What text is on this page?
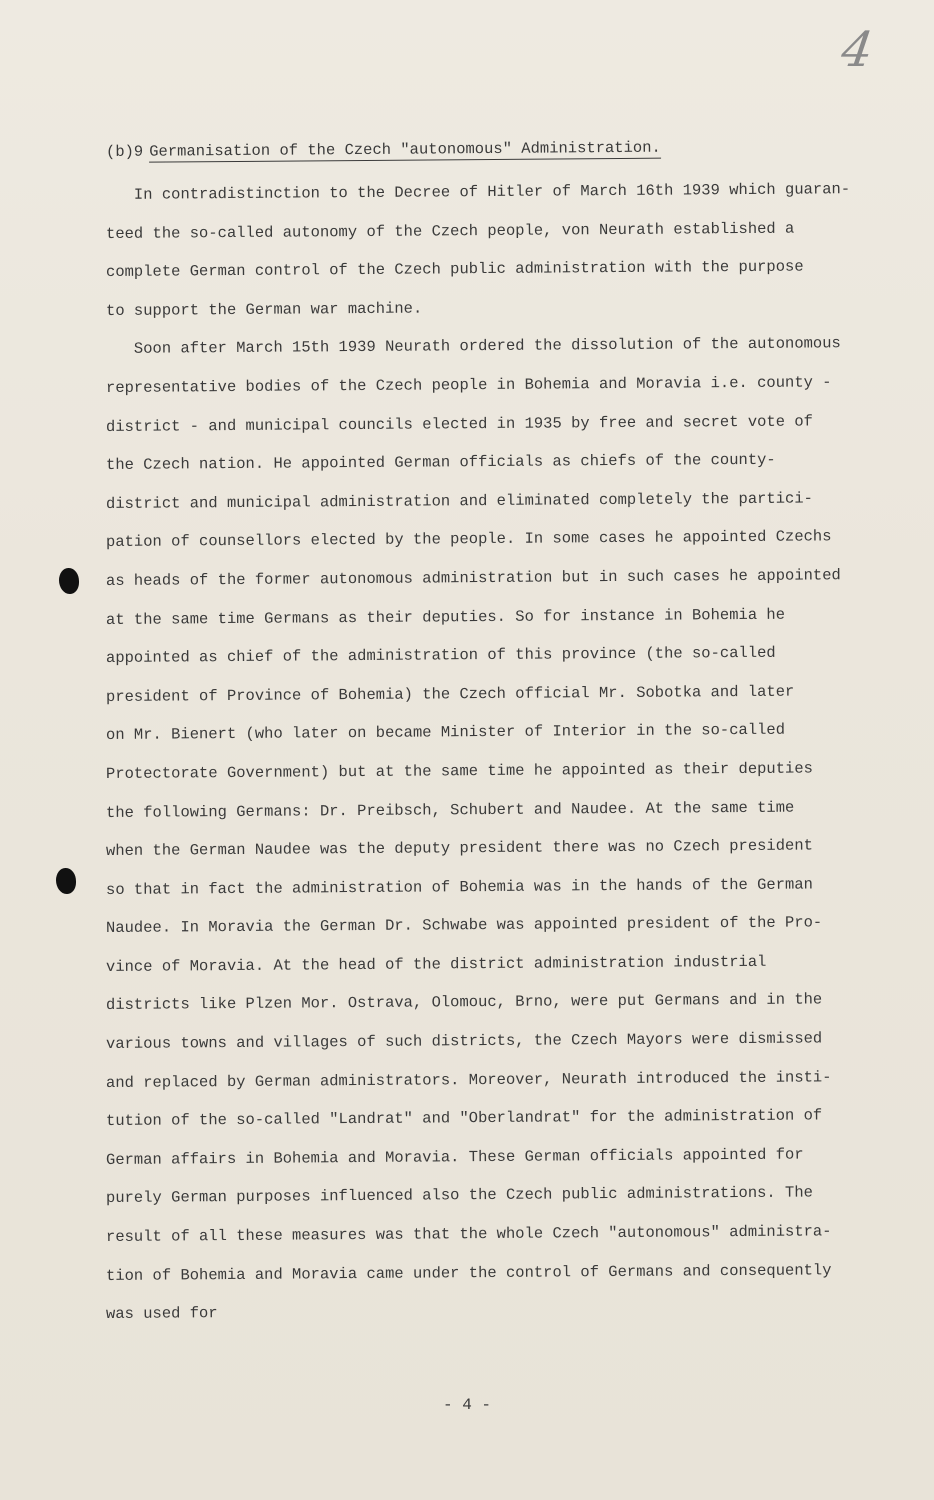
4
(b)9 Germanisation of the Czech "autonomous" Administration.
In contradistinction to the Decree of Hitler of March 16th 1939 which guaran-
teed the so-called autonomy of the Czech people, von Neurath established a
complete German control of the Czech public administration with the purpose
to support the German war machine.
Soon after March 15th 1939 Neurath ordered the dissolution of the autonomous
representative bodies of the Czech people in Bohemia and Moravia i.e. county -
district - and municipal councils elected in 1935 by free and secret vote of
the Czech nation. He appointed German officials as chiefs of the county-
district and municipal administration and eliminated completely the partici-
pation of counsellors elected by the people. In some cases he appointed Czechs
as heads of the former autonomous administration but in such cases he appointed
at the same time Germans as their deputies. So for instance in Bohemia he
appointed as chief of the administration of this province (the so-called
president of Province of Bohemia) the Czech official Mr. Sobotka and later
on Mr. Bienert (who later on became Minister of Interior in the so-called
Protectorate Government) but at the same time he appointed as their deputies
the following Germans: Dr. Preibsch, Schubert and Naudee. At the same time
when the German Naudee was the deputy president there was no Czech president
so that in fact the administration of Bohemia was in the hands of the German
Naudee. In Moravia the German Dr. Schwabe was appointed president of the Pro-
vince of Moravia. At the head of the district administration industrial
districts like Plzen Mor. Ostrava, Olomouc, Brno, were put Germans and in the
various towns and villages of such districts, the Czech Mayors were dismissed
and replaced by German administrators. Moreover, Neurath introduced the insti-
tution of the so-called "Landrat" and "Oberlandrat" for the administration of
German affairs in Bohemia and Moravia. These German officials appointed for
purely German purposes influenced also the Czech public administrations. The
result of all these measures was that the whole Czech "autonomous" administra-
tion of Bohemia and Moravia came under the control of Germans and consequently
was used for
- 4 -
